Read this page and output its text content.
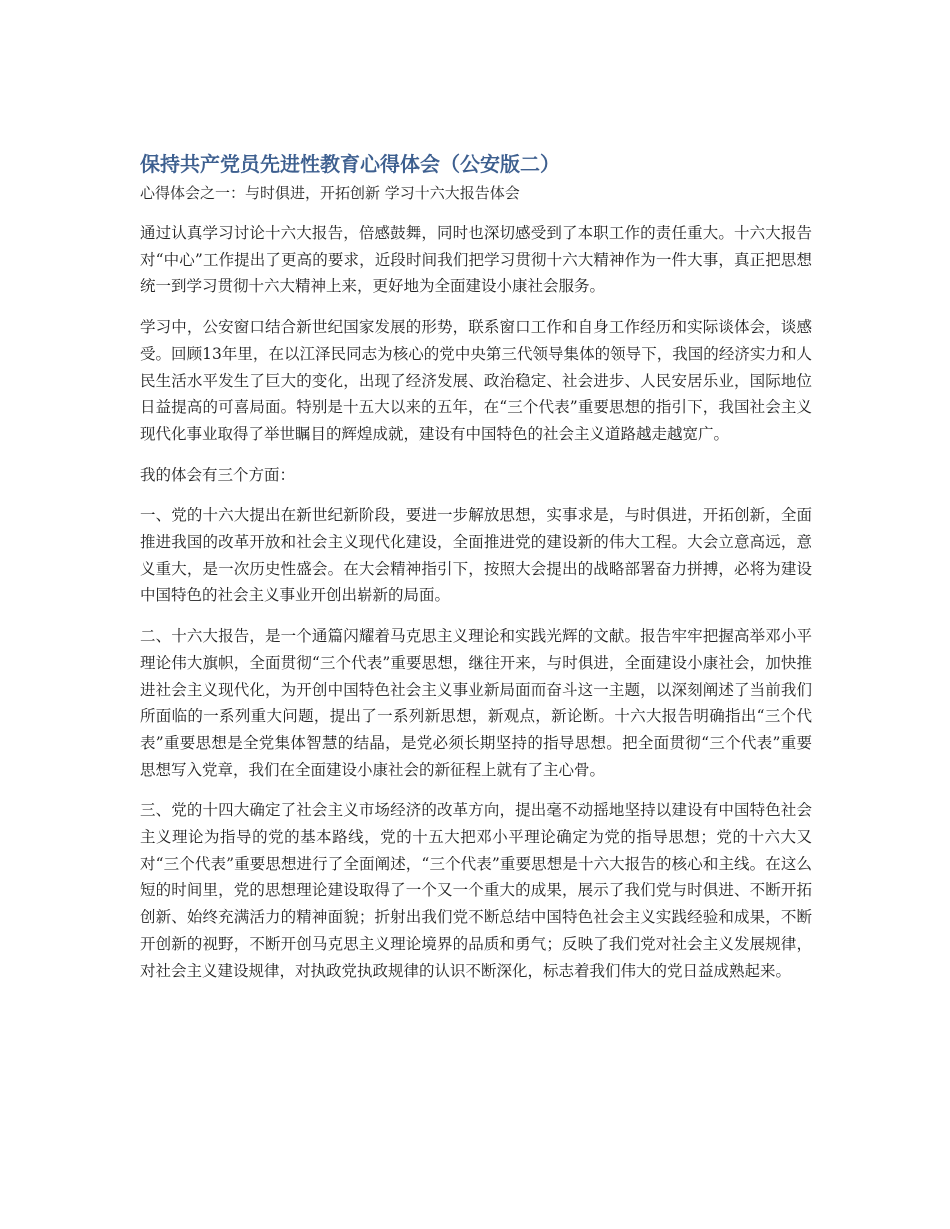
保持共产党员先进性教育心得体会（公安版二）

心得体会之一：与时俱进，开拓创新 学习十六大报告体会

通过认真学习讨论十六大报告，倍感鼓舞，同时也深切感受到了本职工作的责任重大。十六大报告对“中心”工作提出了更高的要求，近段时间我们把学习贯彻十六大精神作为一件大事，真正把思想统一到学习贯彻十六大精神上来，更好地为全面建设小康社会服务。

学习中，公安窗口结合新世纪国家发展的形势，联系窗口工作和自身工作经历和实际谈体会，谈感受。回顾13年里，在以江泽民同志为核心的党中央第三代领导集体的领导下，我国的经济实力和人民生活水平发生了巨大的变化，出现了经济发展、政治稳定、社会进步、人民安居乐业，国际地位日益提高的可喜局面。特别是十五大以来的五年，在“三个代表”重要思想的指引下，我国社会主义现代化事业取得了举世瞩目的辉煌成就，建设有中国特色的社会主义道路越走越宽广。

我的体会有三个方面：

一、党的十六大提出在新世纪新阶段，要进一步解放思想，实事求是，与时俱进，开拓创新，全面推进我国的改革开放和社会主义现代化建设，全面推进党的建设新的伟大工程。大会立意高远，意义重大，是一次历史性盛会。在大会精神指引下，按照大会提出的战略部署奋力拼搏，必将为建设中国特色的社会主义事业开创出崭新的局面。

二、十六大报告，是一个通篇闪耀着马克思主义理论和实践光辉的文献。报告牢牢把握高举邓小平理论伟大旗帜，全面贯彻“三个代表”重要思想，继往开来，与时俱进，全面建设小康社会，加快推进社会主义现代化，为开创中国特色社会主义事业新局面而奋斗这一主题，以深刻阐述了当前我们所面临的一系列重大问题，提出了一系列新思想，新观点，新论断。十六大报告明确指出“三个代表”重要思想是全党集体智慧的结晶，是党必须长期坚持的指导思想。把全面贯彻“三个代表”重要思想写入党章，我们在全面建设小康社会的新征程上就有了主心骨。

三、党的十四大确定了社会主义市场经济的改革方向，提出毫不动摇地坚持以建设有中国特色社会主义理论为指导的党的基本路线，党的十五大把邓小平理论确定为党的指导思想；党的十六大又对“三个代表”重要思想进行了全面阐述，“三个代表”重要思想是十六大报告的核心和主线。在这么短的时间里，党的思想理论建设取得了一个又一个重大的成果，展示了我们党与时俱进、不断开拓创新、始终充满活力的精神面貌；折射出我们党不断总结中国特色社会主义实践经验和成果，不断开创新的视野，不断开创马克思主义理论境界的品质和勇气；反映了我们党对社会主义发展规律，对社会主义建设规律，对执政党执政规律的认识不断深化，标志着我们伟大的党日益成熟起来。
